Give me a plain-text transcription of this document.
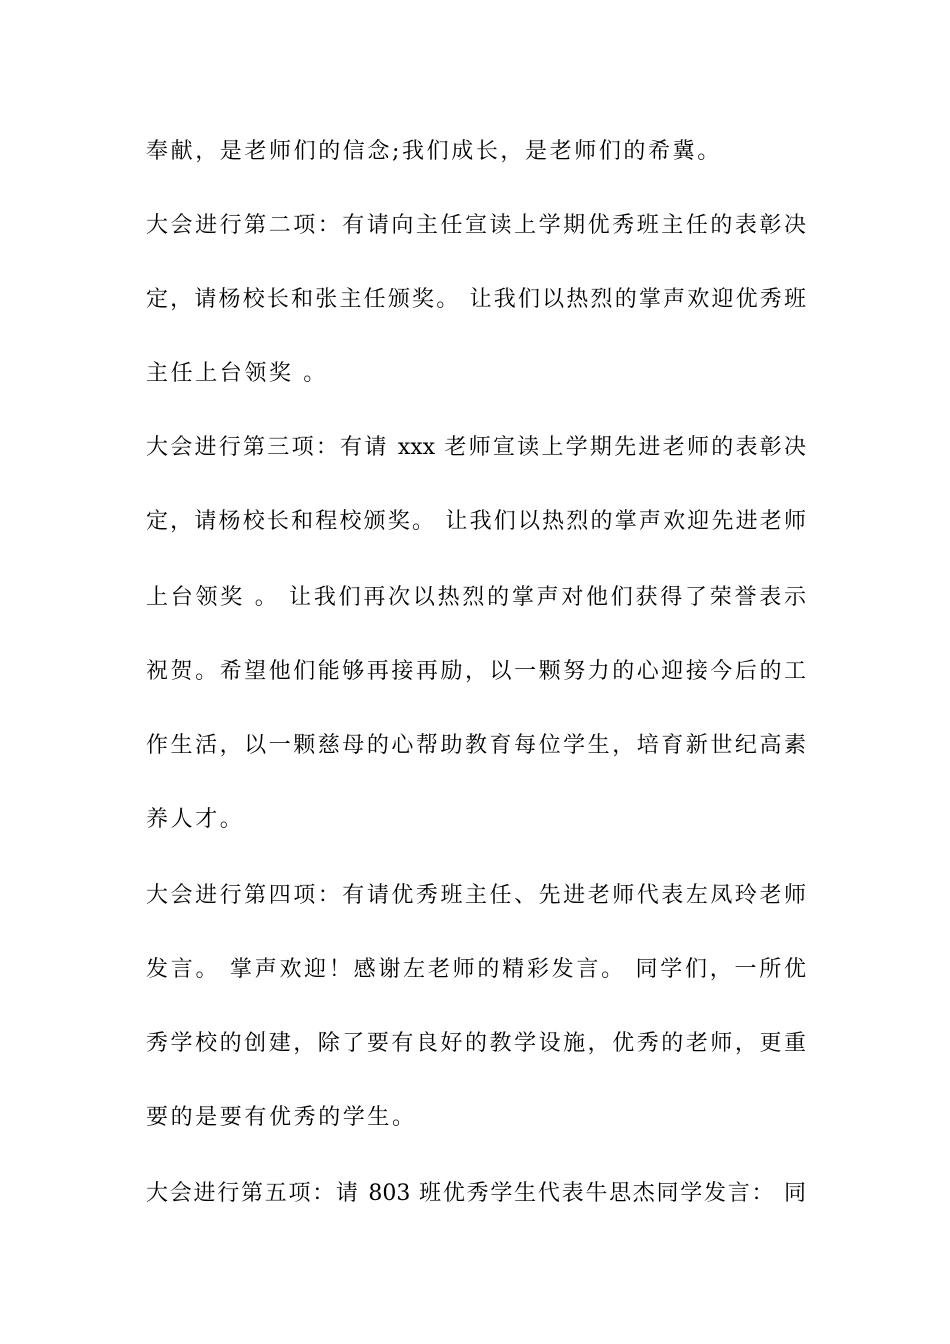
奉献，是老师们的信念;我们成长，是老师们的希冀。
大会进行第二项：有请向主任宣读上学期优秀班主任的表彰决
定，请杨校长和张主任颁奖。 让我们以热烈的掌声欢迎优秀班
主任上台领奖 。
大会进行第三项：有请 xxx 老师宣读上学期先进老师的表彰决
定，请杨校长和程校颁奖。 让我们以热烈的掌声欢迎先进老师
上台领奖 。 让我们再次以热烈的掌声对他们获得了荣誉表示
祝贺。希望他们能够再接再励，以一颗努力的心迎接今后的工
作生活，以一颗慈母的心帮助教育每位学生，培育新世纪高素
养人才。
大会进行第四项：有请优秀班主任、先进老师代表左凤玲老师
发言。 掌声欢迎！感谢左老师的精彩发言。 同学们，一所优
秀学校的创建，除了要有良好的教学设施，优秀的老师，更重
要的是要有优秀的学生。
大会进行第五项：请 803 班优秀学生代表牛思杰同学发言： 同
